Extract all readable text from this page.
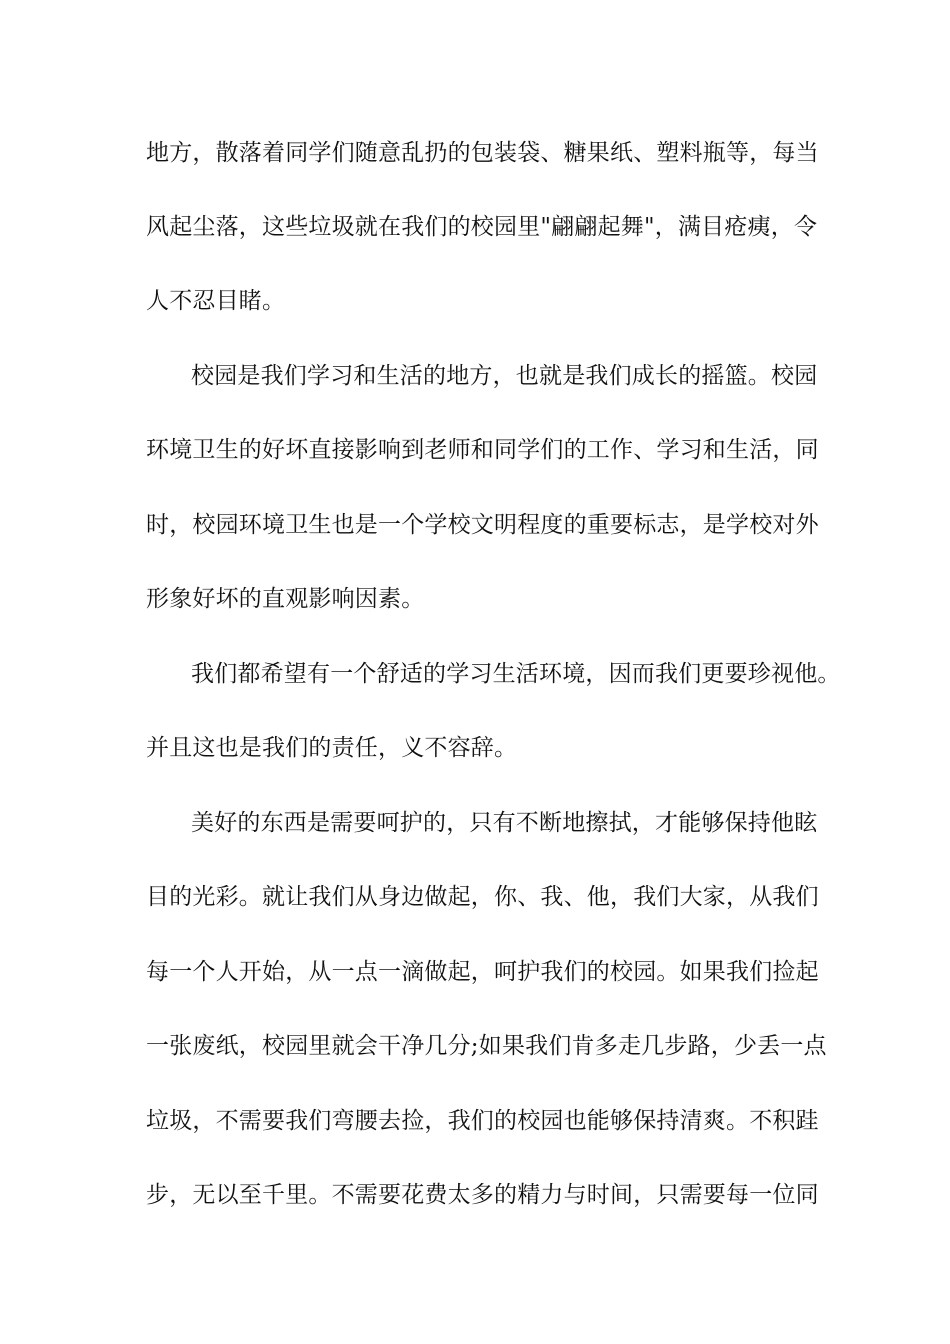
地方，散落着同学们随意乱扔的包装袋、糖果纸、塑料瓶等，每当
风起尘落，这些垃圾就在我们的校园里"翩翩起舞"，满目疮痍，令
人不忍目睹。
校园是我们学习和生活的地方，也就是我们成长的摇篮。校园
环境卫生的好坏直接影响到老师和同学们的工作、学习和生活，同
时，校园环境卫生也是一个学校文明程度的重要标志，是学校对外
形象好坏的直观影响因素。
我们都希望有一个舒适的学习生活环境，因而我们更要珍视他。
并且这也是我们的责任，义不容辞。
美好的东西是需要呵护的，只有不断地擦拭，才能够保持他眩
目的光彩。就让我们从身边做起，你、我、他，我们大家，从我们
每一个人开始，从一点一滴做起，呵护我们的校园。如果我们捡起
一张废纸，校园里就会干净几分;如果我们肯多走几步路，少丢一点
垃圾，不需要我们弯腰去捡，我们的校园也能够保持清爽。不积跬
步，无以至千里。不需要花费太多的精力与时间，只需要每一位同
